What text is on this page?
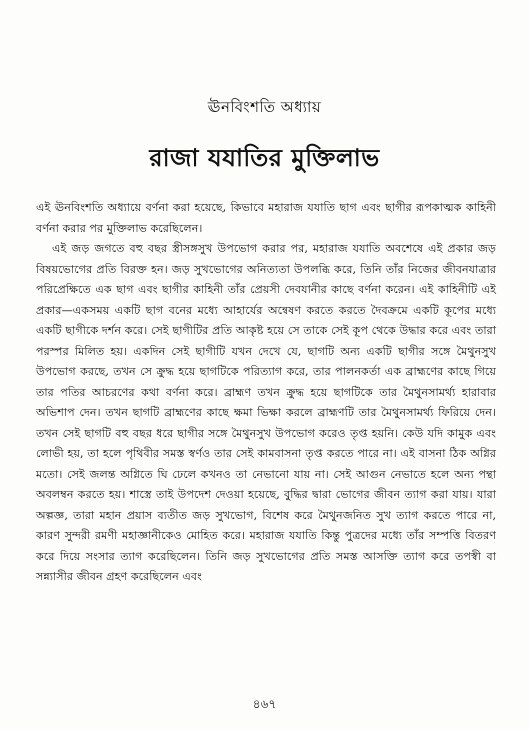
ঊনবিংশতি অধ্যায়
রাজা যযাতির মুক্তিলাভ

এই ঊনবিংশতি অধ্যায়ে বর্ণনা করা হয়েছে, কিভাবে মহারাজ যযাতি ছাগ এবং ছাগীর রূপকাত্মক কাহিনী বর্ণনা করার পর মুক্তিলাভ করেছিলেন।

এই জড় জগতে বহু বছর স্ত্রীসঙ্গসুখ উপভোগ করার পর, মহারাজ যযাতি অবশেষে এই প্রকার জড় বিষয়ভোগের প্রতি বিরক্ত হন। জড় সুখভোগের অনিত্যতা উপলব্ধি করে, তিনি তাঁর নিজের জীবনযাত্রার পরিপ্রেক্ষিতে এক ছাগ এবং ছাগীর কাহিনী তাঁর প্রেয়সী দেবযানীর কাছে বর্ণনা করেন। এই কাহিনীটি এই প্রকার—একসময় একটি ছাগ বনের মধ্যে আহার্যের অন্বেষণ করতে করতে দৈবক্রমে একটি কূপের মধ্যে একটি ছাগীকে দর্শন করে। সেই ছাগীটির প্রতি আকৃষ্ট হয়ে সে তাকে সেই কূপ থেকে উদ্ধার করে এবং তারা পরস্পর মিলিত হয়। একদিন সেই ছাগীটি যখন দেখে যে, ছাগটি অন্য একটি ছাগীর সঙ্গে মৈথুনসুখ উপভোগ করছে, তখন সে ক্রুদ্ধ হয়ে ছাগটিকে পরিত্যাগ করে, তার পালনকর্তা এক ব্রাহ্মণের কাছে গিয়ে তার পতির আচরণের কথা বর্ণনা করে। ব্রাহ্মণ তখন ক্রুদ্ধ হয়ে ছাগটিকে তার মৈথুনসামর্থ্য হারাবার অভিশাপ দেন। তখন ছাগটি ব্রাহ্মণের কাছে ক্ষমা ভিক্ষা করলে ব্রাহ্মণটি তার মৈথুনসামর্থ্য ফিরিয়ে দেন। তখন সেই ছাগটি বহু বছর ধরে ছাগীর সঙ্গে মৈথুনসুখ উপভোগ করেও তৃপ্ত হয়নি। কেউ যদি কামুক এবং লোভী হয়, তা হলে পৃথিবীর সমস্ত স্বর্ণও তার সেই কামবাসনা তৃপ্ত করতে পারে না। এই বাসনা ঠিক অগ্নির মতো। সেই জলন্ত অগ্নিতে ঘি ঢেলে কখনও তা নেভানো যায় না। সেই আগুন নেভাতে হলে অন্য পন্থা অবলম্বন করতে হয়। শাস্ত্রে তাই উপদেশ দেওয়া হয়েছে, বুদ্ধির দ্বারা ভোগের জীবন ত্যাগ করা যায়। যারা অল্পজ্ঞ, তারা মহান প্রয়াস ব্যতীত জড় সুখভোগ, বিশেষ করে মৈথুনজনিত সুখ ত্যাগ করতে পারে না, কারণ সুন্দরী রমণী মহাজ্ঞানীকেও মোহিত করে। মহারাজ যযাতি কিন্তু পুত্রদের মধ্যে তাঁর সম্পত্তি বিতরণ করে দিয়ে সংসার ত্যাগ করেছিলেন। তিনি জড় সুখভোগের প্রতি সমস্ত আসক্তি ত্যাগ করে তপস্বী বা সন্ন্যাসীর জীবন গ্রহণ করেছিলেন এবং

৪৬৭
